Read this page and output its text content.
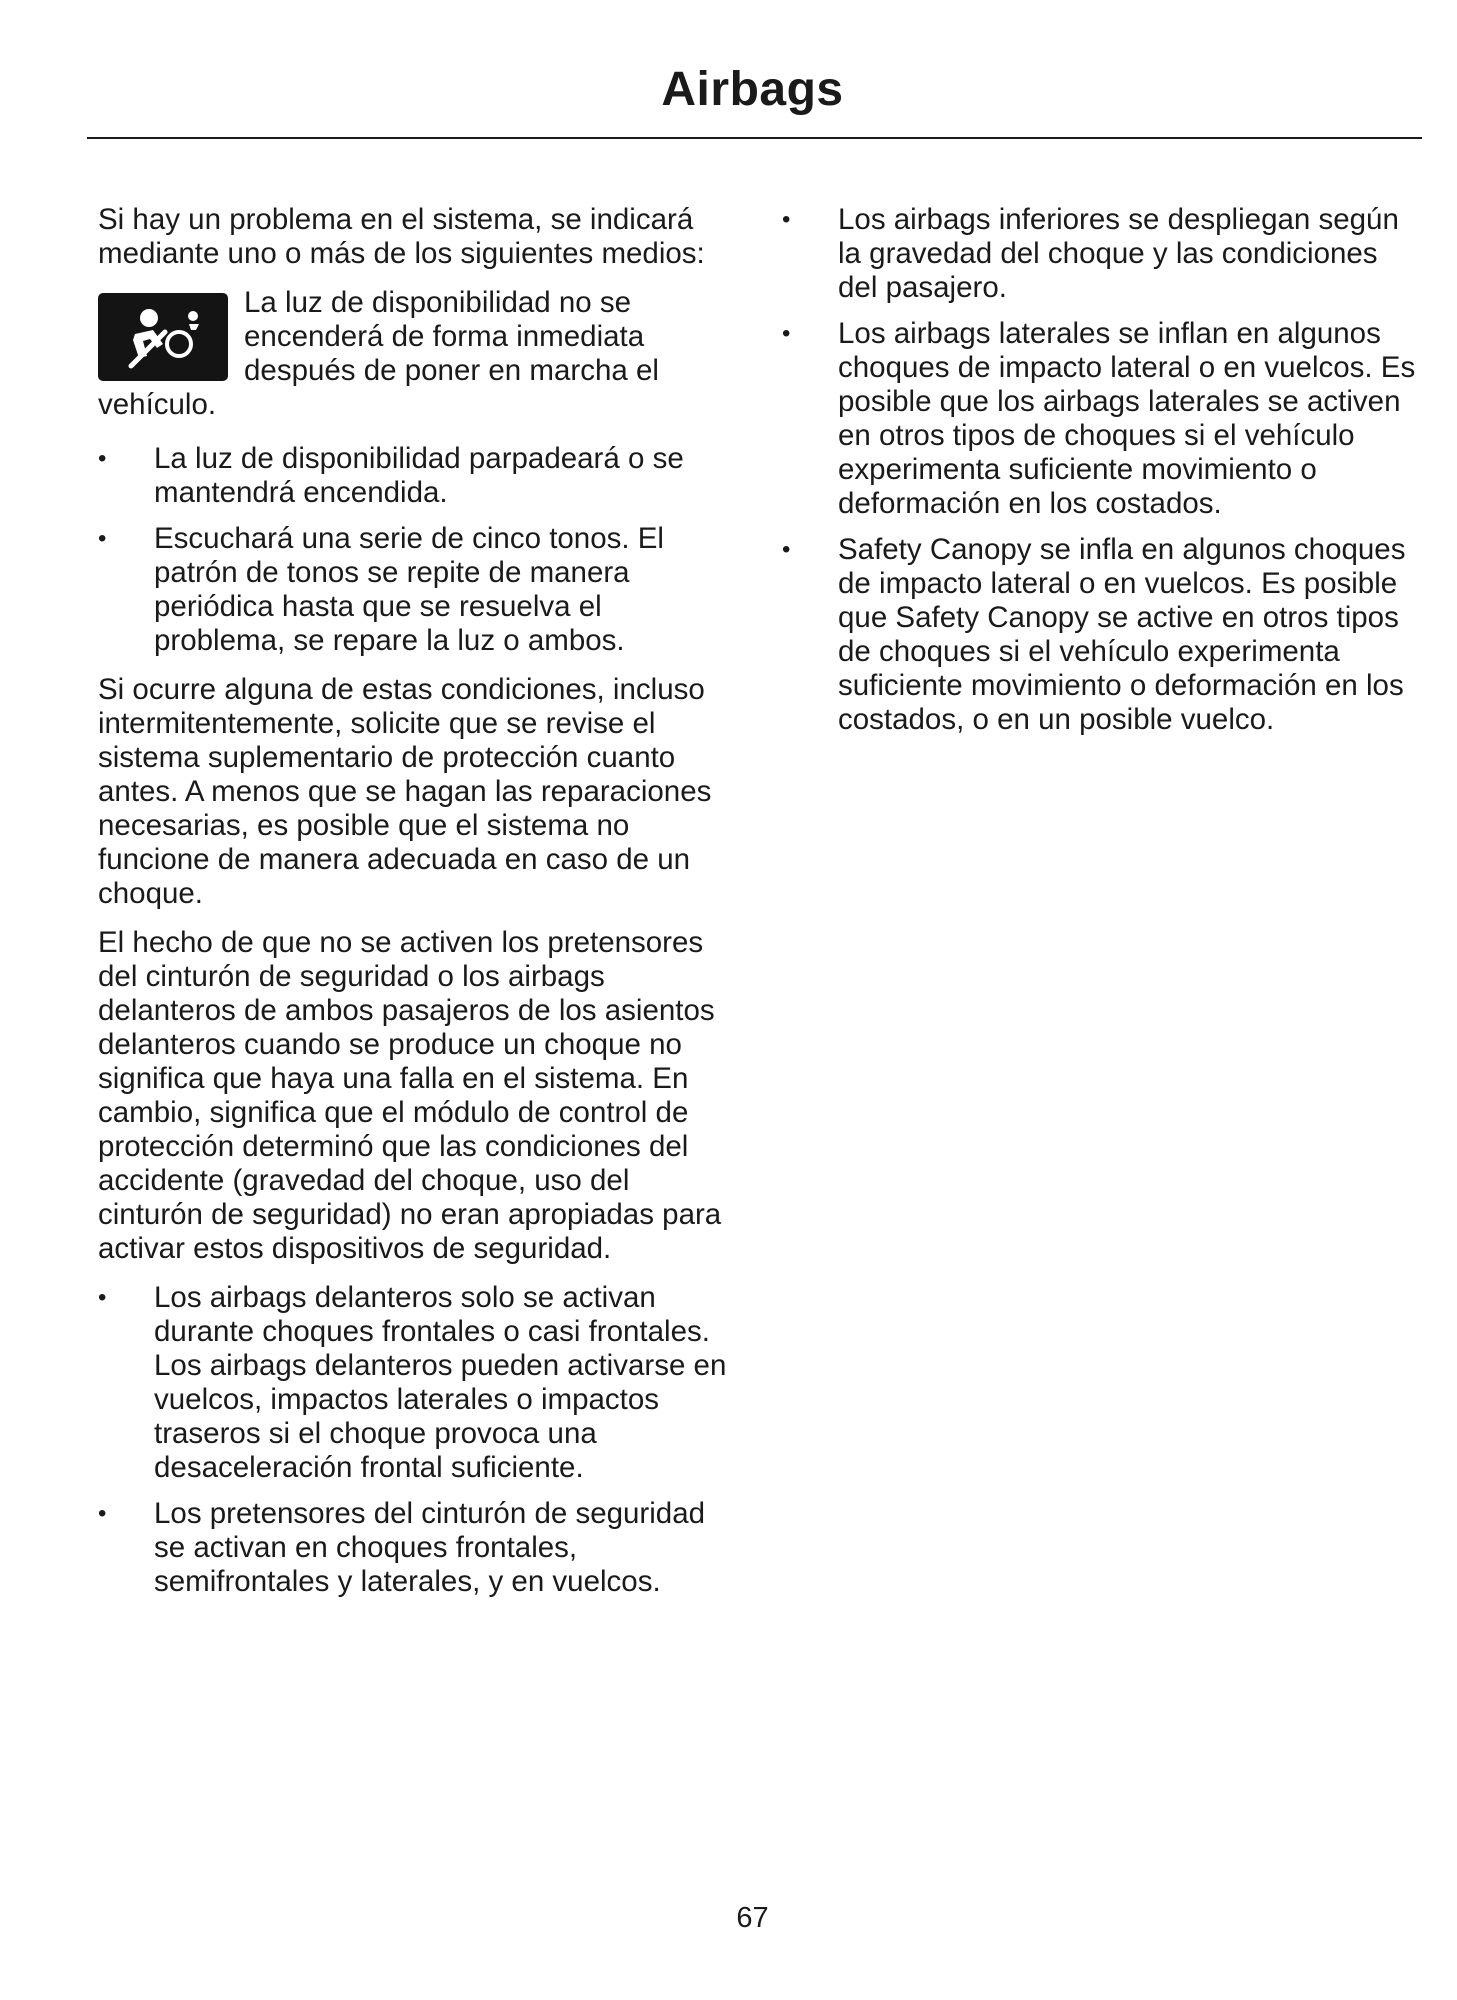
Airbags

Si hay un problema en el sistema, se indicará mediante uno o más de los siguientes medios:

La luz de disponibilidad no se encenderá de forma inmediata después de poner en marcha el vehículo.
•	La luz de disponibilidad parpadeará o se mantendrá encendida.
•	Escuchará una serie de cinco tonos. El patrón de tonos se repite de manera periódica hasta que se resuelva el problema, se repare la luz o ambos.

Si ocurre alguna de estas condiciones, incluso intermitentemente, solicite que se revise el sistema suplementario de protección cuanto antes. A menos que se hagan las reparaciones necesarias, es posible que el sistema no funcione de manera adecuada en caso de un choque.

El hecho de que no se activen los pretensores del cinturón de seguridad o los airbags delanteros de ambos pasajeros de los asientos delanteros cuando se produce un choque no significa que haya una falla en el sistema. En cambio, significa que el módulo de control de protección determinó que las condiciones del accidente (gravedad del choque, uso del cinturón de seguridad) no eran apropiadas para activar estos dispositivos de seguridad.

•	Los airbags delanteros solo se activan durante choques frontales o casi frontales. Los airbags delanteros pueden activarse en vuelcos, impactos laterales o impactos traseros si el choque provoca una desaceleración frontal suficiente.
•	Los pretensores del cinturón de seguridad se activan en choques frontales, semifrontales y laterales, y en vuelcos.
•	Los airbags inferiores se despliegan según la gravedad del choque y las condiciones del pasajero.
•	Los airbags laterales se inflan en algunos choques de impacto lateral o en vuelcos. Es posible que los airbags laterales se activen en otros tipos de choques si el vehículo experimenta suficiente movimiento o deformación en los costados.
•	Safety Canopy se infla en algunos choques de impacto lateral o en vuelcos. Es posible que Safety Canopy se active en otros tipos de choques si el vehículo experimenta suficiente movimiento o deformación en los costados, o en un posible vuelco.
67
